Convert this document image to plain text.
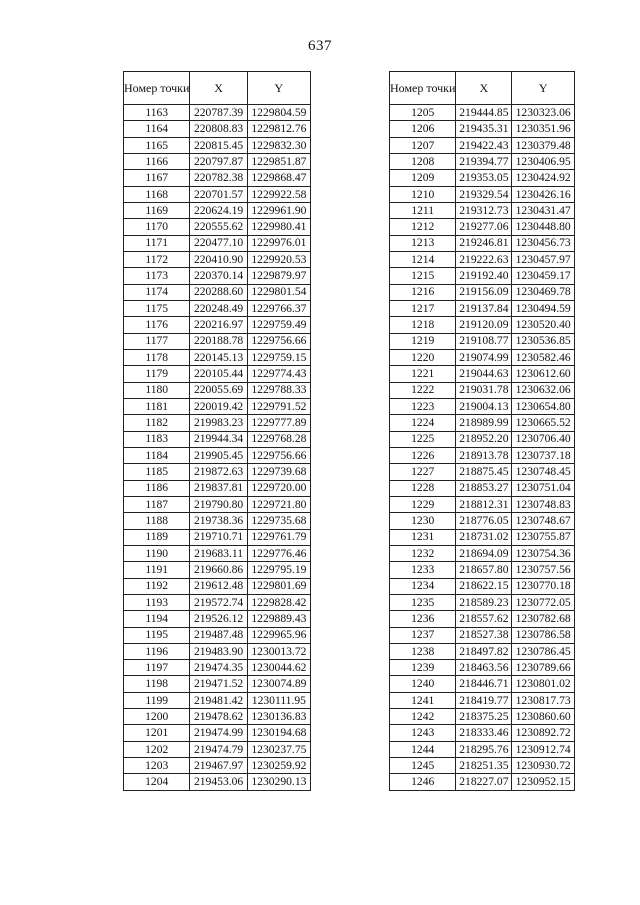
637
Номер точки	X	Y
1163	220787.39	1229804.59
1164	220808.83	1229812.76
1165	220815.45	1229832.30
1166	220797.87	1229851.87
1167	220782.38	1229868.47
1168	220701.57	1229922.58
1169	220624.19	1229961.90
1170	220555.62	1229980.41
1171	220477.10	1229976.01
1172	220410.90	1229920.53
1173	220370.14	1229879.97
1174	220288.60	1229801.54
1175	220248.49	1229766.37
1176	220216.97	1229759.49
1177	220188.78	1229756.66
1178	220145.13	1229759.15
1179	220105.44	1229774.43
1180	220055.69	1229788.33
1181	220019.42	1229791.52
1182	219983.23	1229777.89
1183	219944.34	1229768.28
1184	219905.45	1229756.66
1185	219872.63	1229739.68
1186	219837.81	1229720.00
1187	219790.80	1229721.80
1188	219738.36	1229735.68
1189	219710.71	1229761.79
1190	219683.11	1229776.46
1191	219660.86	1229795.19
1192	219612.48	1229801.69
1193	219572.74	1229828.42
1194	219526.12	1229889.43
1195	219487.48	1229965.96
1196	219483.90	1230013.72
1197	219474.35	1230044.62
1198	219471.52	1230074.89
1199	219481.42	1230111.95
1200	219478.62	1230136.83
1201	219474.99	1230194.68
1202	219474.79	1230237.75
1203	219467.97	1230259.92
1204	219453.06	1230290.13
Номер точки	X	Y
1205	219444.85	1230323.06
1206	219435.31	1230351.96
1207	219422.43	1230379.48
1208	219394.77	1230406.95
1209	219353.05	1230424.92
1210	219329.54	1230426.16
1211	219312.73	1230431.47
1212	219277.06	1230448.80
1213	219246.81	1230456.73
1214	219222.63	1230457.97
1215	219192.40	1230459.17
1216	219156.09	1230469.78
1217	219137.84	1230494.59
1218	219120.09	1230520.40
1219	219108.77	1230536.85
1220	219074.99	1230582.46
1221	219044.63	1230612.60
1222	219031.78	1230632.06
1223	219004.13	1230654.80
1224	218989.99	1230665.52
1225	218952.20	1230706.40
1226	218913.78	1230737.18
1227	218875.45	1230748.45
1228	218853.27	1230751.04
1229	218812.31	1230748.83
1230	218776.05	1230748.67
1231	218731.02	1230755.87
1232	218694.09	1230754.36
1233	218657.80	1230757.56
1234	218622.15	1230770.18
1235	218589.23	1230772.05
1236	218557.62	1230782.68
1237	218527.38	1230786.58
1238	218497.82	1230786.45
1239	218463.56	1230789.66
1240	218446.71	1230801.02
1241	218419.77	1230817.73
1242	218375.25	1230860.60
1243	218333.46	1230892.72
1244	218295.76	1230912.74
1245	218251.35	1230930.72
1246	218227.07	1230952.15
